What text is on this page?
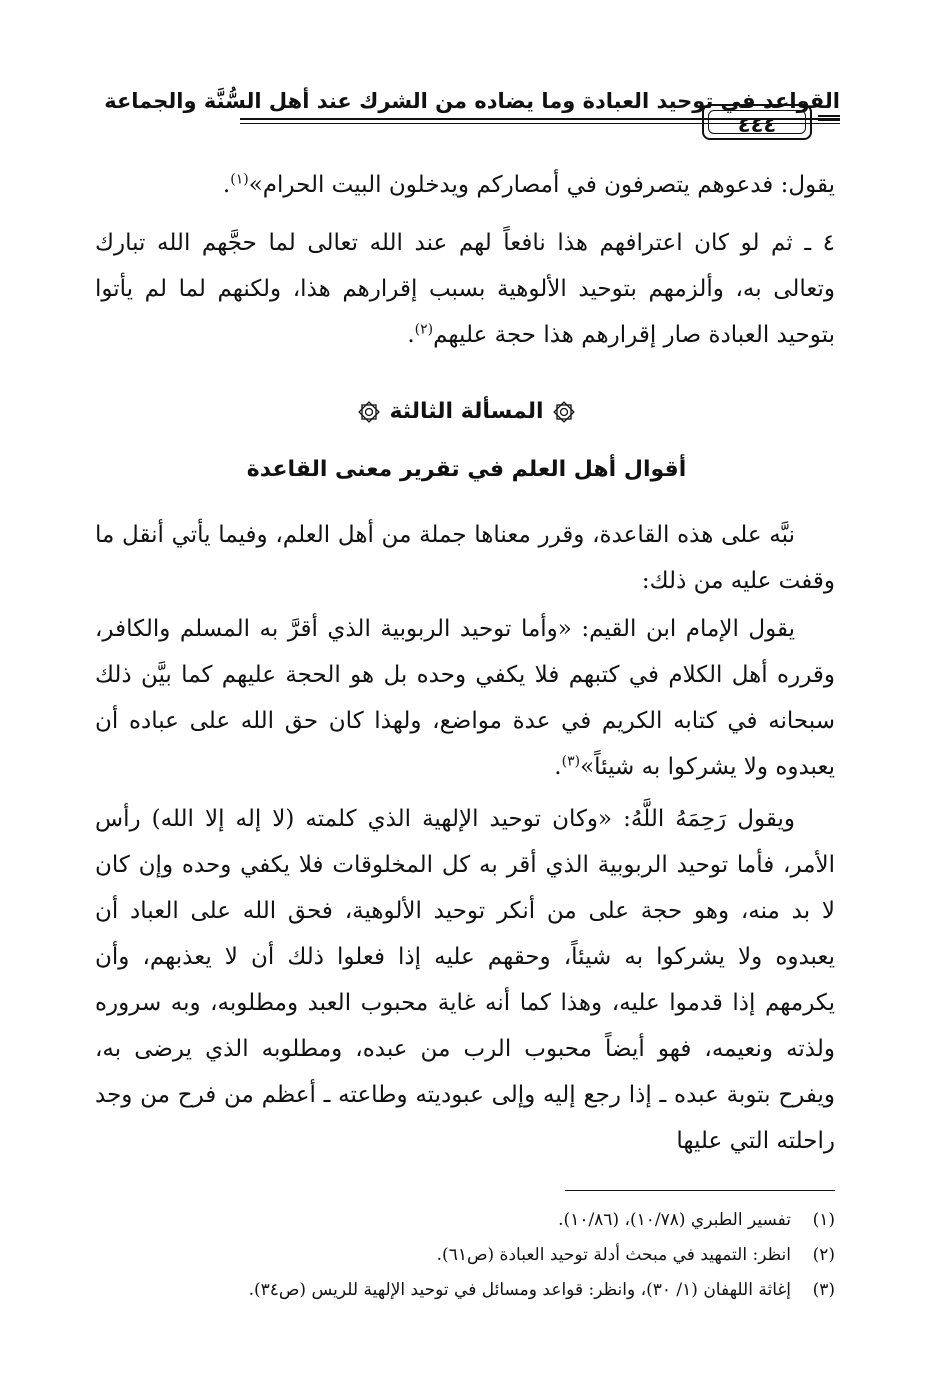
القواعد في توحيد العبادة وما يضاده من الشرك عند أهل السُّنَّة والجماعة
٤٤٤
يقول: فدعوهم يتصرفون في أمصاركم ويدخلون البيت الحرام»$^{(١)}$.
٤ ـ ثم لو كان اعترافهم هذا نافعاً لهم عند الله تعالى لما حجَّهم الله تبارك وتعالى به، وألزمهم بتوحيد الألوهية بسبب إقرارهم هذا، ولكنهم لما لم يأتوا بتوحيد العبادة صار إقرارهم هذا حجة عليهم$^{(٢)}$.
المسألة الثالثة
أقوال أهل العلم في تقرير معنى القاعدة
نبَّه على هذه القاعدة، وقرر معناها جملة من أهل العلم، وفيما يأتي أنقل ما وقفت عليه من ذلك:
يقول الإمام ابن القيم: «وأما توحيد الربوبية الذي أقرَّ به المسلم والكافر، وقرره أهل الكلام في كتبهم فلا يكفي وحده بل هو الحجة عليهم كما بيَّن ذلك سبحانه في كتابه الكريم في عدة مواضع، ولهذا كان حق الله على عباده أن يعبدوه ولا يشركوا به شيئاً»$^{(٣)}$.
ويقول رَحِمَهُ اللَّهُ: «وكان توحيد الإلهية الذي كلمته (لا إله إلا الله) رأس الأمر، فأما توحيد الربوبية الذي أقر به كل المخلوقات فلا يكفي وحده وإن كان لا بد منه، وهو حجة على من أنكر توحيد الألوهية، فحق الله على العباد أن يعبدوه ولا يشركوا به شيئاً، وحقهم عليه إذا فعلوا ذلك أن لا يعذبهم، وأن يكرمهم إذا قدموا عليه، وهذا كما أنه غاية محبوب العبد ومطلوبه، وبه سروره ولذته ونعيمه، فهو أيضاً محبوب الرب من عبده، ومطلوبه الذي يرضى به، ويفرح بتوبة عبده ـ إذا رجع إليه وإلى عبوديته وطاعته ـ أعظم من فرح من وجد راحلته التي عليها
(١)تفسير الطبري (١٠/٧٨)، (١٠/٨٦).
(٢)انظر: التمهيد في مبحث أدلة توحيد العبادة (ص٦١).
(٣)إغاثة اللهفان (١/ ٣٠)، وانظر: قواعد ومسائل في توحيد الإلهية للريس (ص٣٤).
